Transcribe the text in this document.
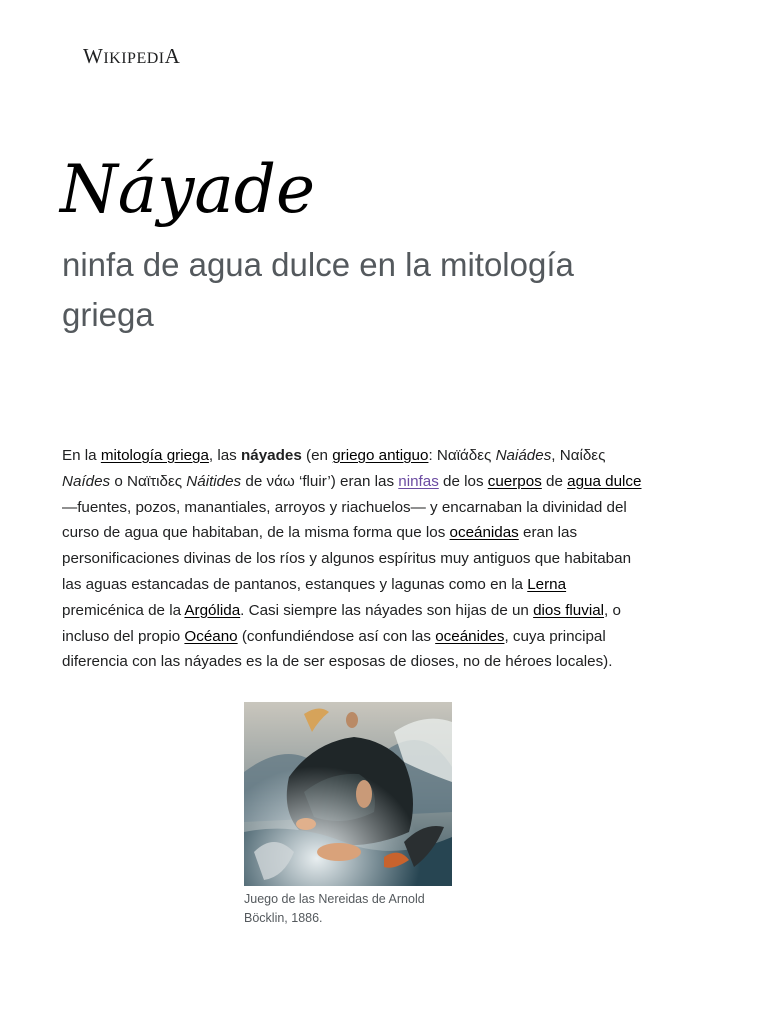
WIKIPEDIA
Náyade
ninfa de agua dulce en la mitología griega

En la mitología griega, las náyades (en griego antiguo: Ναϊάδες Naiádes, Ναίδες Naídes o Ναϊτιδες Náitides de νάω ‘fluir’) eran las ninfas de los cuerpos de agua dulce —fuentes, pozos, manantiales, arroyos y riachuelos— y encarnaban la divinidad del curso de agua que habitaban, de la misma forma que los oceánidas eran las personificaciones divinas de los ríos y algunos espíritus muy antiguos que habitaban las aguas estancadas de pantanos, estanques y lagunas como en la Lerna premicénica de la Argólida. Casi siempre las náyades son hijas de un dios fluvial, o incluso del propio Océano (confundiéndose así con las oceánides, cuya principal diferencia con las náyades es la de ser esposas de dioses, no de héroes locales).

Juego de las Nereidas de Arnold Böcklin, 1886.
